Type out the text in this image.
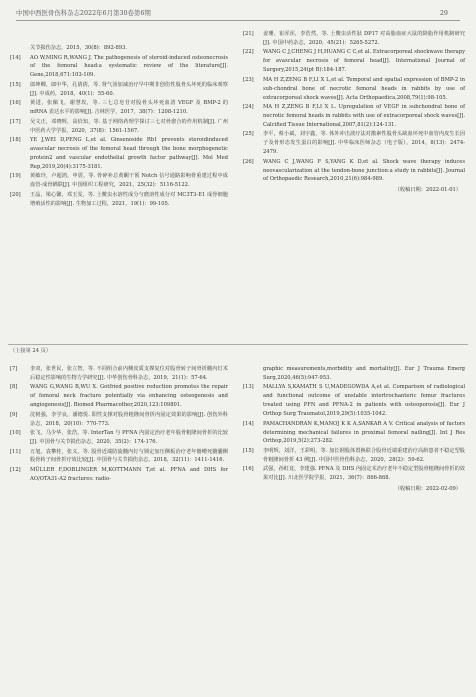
中国中西医骨伤科杂志2022年6月第30卷第6期	29
关节损伤杂志，2015，30(8)：892-893.
[14]	AO W,MING R,WANG J. The pathogenesis of steroid-induced osteonecrosis of the femoral head:a systematic review of the literature[J]. Gene,2018,671:103-109.
[15]	郎坤卿，郎中华，孔倩倩，等. 肾气汤加减治疗早中期非创伤性股骨头坏死的临床观察[J]. 中成药，2018，40(1)：55-60.
[16]	黄进，张佩飞，谢慧玫，等. 三七总皂苷对股骨头坏死血清 VEGF 及 BMP-2 的 mRNA 表达水平的影响[J]. 吉林医学，2017，38(7)：1208-1210.
[17]	吴文正，邓晓辉，高恰知，等. 基于网络药理学探讨三七对骨愈合的作用机制[J]. 广州中医药大学学报，2020，37(8)：1561-1567.
[18]	YE J,WEI D,PENG L,et al. Ginsenoside Rb1 prevents steroidinduced avascular necrosis of the femoral head through the bone morphogenetic protein2 and vascular endothelial growth factor pathway[J]. Mol Med Rep,2019,20(4):3175-3181.
[19]	黄敏玲，卢超鸿，申震，等. 骨碎补总黄酮干预 Notch 信号通路影响骨重建过程中成血管-成骨耦联[J]. 中国组织工程研究，2021，25(32)：5116-5122.
[20]	王晶，梁心馨，邓玉雯，等. 土鳖虫水溶性成分与磨溶性成分对 MC3T3-E1 成骨细胞增殖活性的影响[J]. 生物加工过程，2021，19(1)：99-105.
[21]	姜珊，崔浑浑，李浩然，等. 土鳖虫活性肽 DP17 对高脂血症大鼠的降脂作用机制研究[J]. 中国中药杂志，2020，45(21)：5265-5272.
[22]	WANG C J,CHENG J H,HUANG C C,et al. Extracorporeal shockwave therapy for avascular necrosis of femoral head[J]. International Journal of Surgery,2015,24(pt B):184-187.
[23]	MA H Z,ZENG B F,LI X L,et al. Temporal and spatial expression of BMP-2 in sub-chondral bone of necrotic femoral heads in rabbits by use of extracorporeal shock waves[J]. Acta Orthopaedica,2008,79(1):98-105.
[24]	MA H Z,ZENG B F,LI X L. Upregulation of VEGF in subchondral bone of necrotic femoral heads in rabbits with use of extracorporeal shock waves[J]. Calcified Tissue International,2007,81(2):124-131.
[25]	李平，蔡小斌，刘宇鑫，等. 体外冲击波疗法对激素性股骨头缺血坏死中血管内皮生长因子及骨形态发生蛋白的影响[J]. 中华临床医师杂志（电子版），2014，8(13)：2474-2479.
[26]	WANG C J,WANG F S,YANG K D,et al. Shock wave therapy induces neovascularization at the tendon-bone junction:a study in rabbits[J]. Journal of Orthopaedic Research,2010,21(6):984-989.
（收稿日期：2022-01-01）
（上接第 24 页）
[7]	李双，张世民，张立智，等. 不同组合前内侧皮质支撑复位对股骨转子间骨折髓内钉术后稳定性影响的生物力学研究[J]. 中华创伤骨科杂志，2019，21(1)：57-64.
[8]	WANG G,WANG B,WU X. Gotfried positive reduction promotes the repair of femoral neck fracture potentially via enhancing osteogenesis and angiogenesis[J]. Biomed Pharmacother,2020,123:109801.
[9]	沈树强，李学良，潘德悦. 阳性支撑对股骨粗隆间骨折内固定效果的影响[J]. 创伤外科杂志，2018，20(10)：770-773.
[10]	张飞，马少华，张浩，等. InterTan 与 PFNA 内固定治疗老年股骨粗隆间骨折的比较[J]. 中国骨与关节损伤杂志，2020，35(2)：174-176.
[11]	万旭，袁攀桂，张义，等. 股骨近端防旋髓内钉与锁定加压侧板治疗老年髂嵴死髓囊侧股骨转子间骨折疗效比较[J]. 中国骨与关节损伤杂志，2018，32(11)：1411-1416.
[12]	MÜLLER F,DOBLINGER M,KOTTMANN T,et al. PFNA and DHS for AO/OTA31-A2 fractures: radio-
graphic measurements,morbidity and mortality[J]. Eur J Trauma Emerg Surg,2020,46(5):947-953.
[13]	MALLYA S,KAMATH S U,MADEGOWDA A,et al. Comparison of radiological and functional outcome of unstable intertrochanteric femur fractures treated using PFN and PFNA-2 in patients with osteoporosis[J]. Eur J Orthop Surg Traumatol,2019,29(5):1035-1042.
[14]	PAMACHANDRAN K,MANOJ K K A,SANKAR A V. Critical analysis of factors determining mechanical failures in proximal femoral nailing[J]. Int J Res Orthop,2019,5(2):273-282.
[15]	李明辉，刘洋，王彩明，等. 加长钢股体置换联合股骨近端重建治疗高龄患者不稳定型股骨粗隆间骨折 43 例[J]. 中国中医骨伤科杂志，2020，28(2)：59-62.
[16]	武强，孙虹竟，李建强. PFNA 及 DHS 内固定术治疗老年不稳定型股骨粗隆间骨折的效果对比[J]. 川北医学院学报，2021，36(7)：866-868.
（收稿日期：2022-02-09）
